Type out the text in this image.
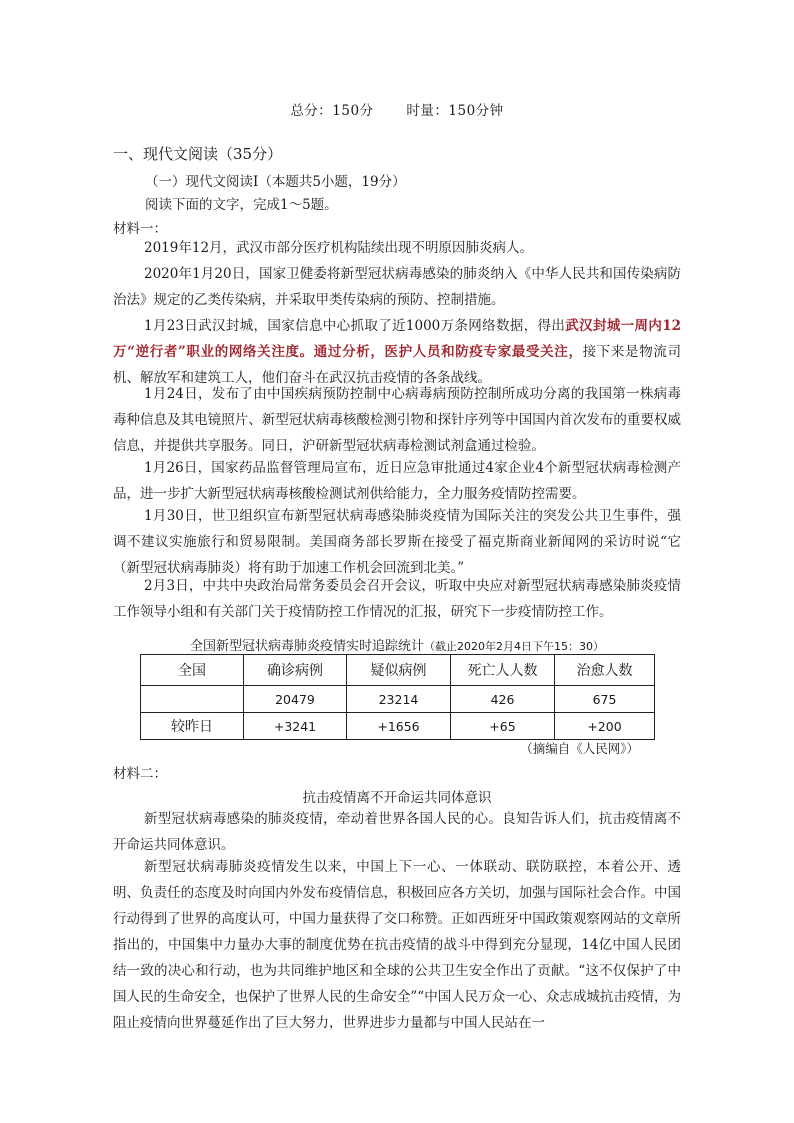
总分：150分 时量：150分钟
一、现代文阅读（35分）
（一）现代文阅读Ⅰ（本题共5小题，19分）
阅读下面的文字，完成1～5题。
材料一：
2019年12月，武汉市部分医疗机构陆续出现不明原因肺炎病人。
2020年1月20日，国家卫健委将新型冠状病毒感染的肺炎纳入《中华人民共和国传染病防治法》规定的乙类传染病，并采取甲类传染病的预防、控制措施。
1月23日武汉封城，国家信息中心抓取了近1000万条网络数据，得出武汉封城一周内12万“逆行者”职业的网络关注度。通过分析，医护人员和防疫专家最受关注，接下来是物流司机、解放军和建筑工人，他们奋斗在武汉抗击疫情的各条战线。
1月24日，发布了由中国疾病预防控制中心病毒病预防控制所成功分离的我国第一株病毒毒种信息及其电镜照片、新型冠状病毒核酸检测引物和探针序列等中国国内首次发布的重要权威信息，并提供共享服务。同日，沪研新型冠状病毒检测试剂盒通过检验。
1月26日，国家药品监督管理局宣布，近日应急审批通过4家企业4个新型冠状病毒检测产品，进一步扩大新型冠状病毒核酸检测试剂供给能力，全力服务疫情防控需要。
1月30日，世卫组织宣布新型冠状病毒感染肺炎疫情为国际关注的突发公共卫生事件，强调不建议实施旅行和贸易限制。美国商务部长罗斯在接受了福克斯商业新闻网的采访时说“它（新型冠状病毒肺炎）将有助于加速工作机会回流到北美。”
2月3日，中共中央政治局常务委员会召开会议，听取中央应对新型冠状病毒感染肺炎疫情工作领导小组和有关部门关于疫情防控工作情况的汇报，研究下一步疫情防控工作。
全国新型冠状病毒肺炎疫情实时追踪统计（截止2020年2月4日下午15：30）
全国	确诊病例	疑似病例	死亡人人数	治愈人数
	20479	23214	426	675
较昨日	+3241	+1656	+65	+200
（摘编自《人民网》）
材料二：
抗击疫情离不开命运共同体意识
新型冠状病毒感染的肺炎疫情，牵动着世界各国人民的心。良知告诉人们，抗击疫情离不开命运共同体意识。
新型冠状病毒肺炎疫情发生以来，中国上下一心、一体联动、联防联控，本着公开、透明、负责任的态度及时向国内外发布疫情信息，积极回应各方关切，加强与国际社会合作。中国行动得到了世界的高度认可，中国力量获得了交口称赞。正如西班牙中国政策观察网站的文章所指出的，中国集中力量办大事的制度优势在抗击疫情的战斗中得到充分显现，14亿中国人民团结一致的决心和行动，也为共同维护地区和全球的公共卫生安全作出了贡献。“这不仅保护了中国人民的生命安全，也保护了世界人民的生命安全”“中国人民万众一心、众志成城抗击疫情，为阻止疫情向世界蔓延作出了巨大努力，世界进步力量都与中国人民站在一
